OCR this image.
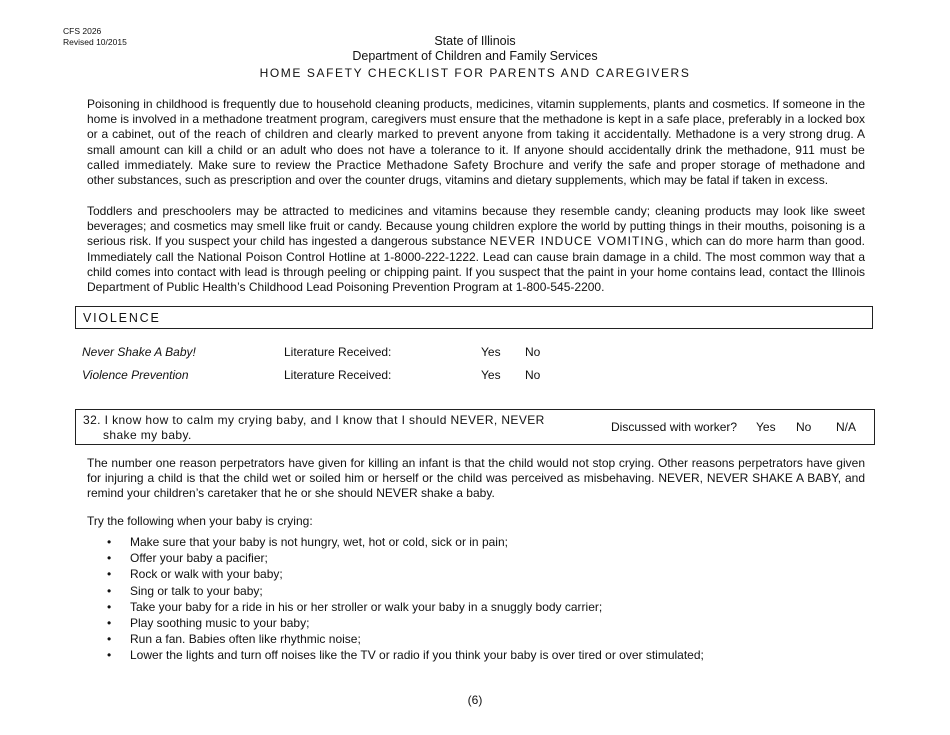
CFS 2026
Revised 10/2015	State of Illinois
Department of Children and Family Services
HOME SAFETY CHECKLIST FOR PARENTS AND CAREGIVERS

Poisoning in childhood is frequently due to household cleaning products, medicines, vitamin supplements, plants and cosmetics. If someone in the home is involved in a methadone treatment program, caregivers must ensure that the methadone is kept in a safe place, preferably in a locked box or a cabinet, out of the reach of children and clearly marked to prevent anyone from taking it accidentally. Methadone is a very strong drug. A small amount can kill a child or an adult who does not have a tolerance to it. If anyone should accidentally drink the methadone, 911 must be called immediately. Make sure to review the Practice Methadone Safety Brochure and verify the safe and proper storage of methadone and other substances, such as prescription and over the counter drugs, vitamins and dietary supplements, which may be fatal if taken in excess.

Toddlers and preschoolers may be attracted to medicines and vitamins because they resemble candy; cleaning products may look like sweet beverages; and cosmetics may smell like fruit or candy. Because young children explore the world by putting things in their mouths, poisoning is a serious risk. If you suspect your child has ingested a dangerous substance NEVER INDUCE VOMITING, which can do more harm than good. Immediately call the National Poison Control Hotline at 1-8000-222-1222. Lead can cause brain damage in a child. The most common way that a child comes into contact with lead is through peeling or chipping paint. If you suspect that the paint in your home contains lead, contact the Illinois Department of Public Health’s Childhood Lead Poisoning Prevention Program at 1-800-545-2200.

VIOLENCE
Never Shake A Baby!	Literature Received:	Yes No
Violence Prevention	Literature Received:	Yes No
32. I know how to calm my crying baby, and I know that I should NEVER, NEVER
shake my baby.
Discussed with worker? Yes No N/A

The number one reason perpetrators have given for killing an infant is that the child would not stop crying. Other reasons perpetrators have given for injuring a child is that the child wet or soiled him or herself or the child was perceived as misbehaving. NEVER, NEVER SHAKE A BABY, and remind your children’s caretaker that he or she should NEVER shake a baby.

Try the following when your baby is crying:
• Make sure that your baby is not hungry, wet, hot or cold, sick or in pain;
• Offer your baby a pacifier;
• Rock or walk with your baby;
• Sing or talk to your baby;
• Take your baby for a ride in his or her stroller or walk your baby in a snuggly body carrier;
• Play soothing music to your baby;
• Run a fan. Babies often like rhythmic noise;
• Lower the lights and turn off noises like the TV or radio if you think your baby is over tired or over stimulated;
(6)
